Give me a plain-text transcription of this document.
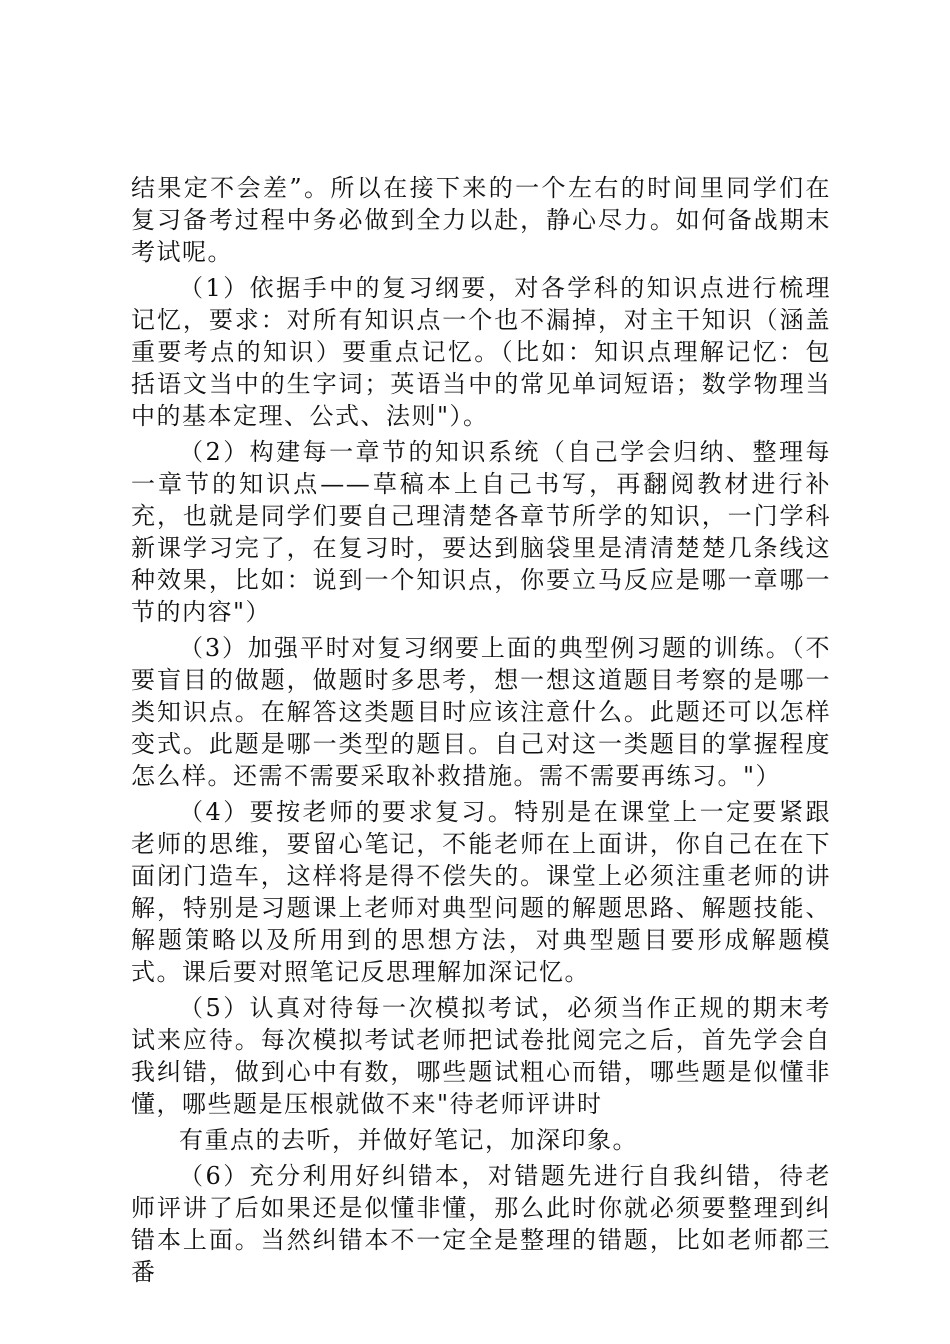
结果定不会差”。所以在接下来的一个左右的时间里同学们在复习备考过程中务必做到全力以赴，静心尽力。如何备战期末考试呢。

（1）依据手中的复习纲要，对各学科的知识点进行梳理记忆，要求：对所有知识点一个也不漏掉，对主干知识（涵盖重要考点的知识）要重点记忆。（比如：知识点理解记忆：包括语文当中的生字词；英语当中的常见单词短语；数学物理当中的基本定理、公式、法则"）。

（2）构建每一章节的知识系统（自己学会归纳、整理每一章节的知识点——草稿本上自己书写，再翻阅教材进行补充，也就是同学们要自己理清楚各章节所学的知识，一门学科新课学习完了，在复习时，要达到脑袋里是清清楚楚几条线这种效果，比如：说到一个知识点，你要立马反应是哪一章哪一节的内容"）

（3）加强平时对复习纲要上面的典型例习题的训练。（不要盲目的做题，做题时多思考，想一想这道题目考察的是哪一类知识点。在解答这类题目时应该注意什么。此题还可以怎样变式。此题是哪一类型的题目。自己对这一类题目的掌握程度怎么样。还需不需要采取补救措施。需不需要再练习。"）

（4）要按老师的要求复习。特别是在课堂上一定要紧跟老师的思维，要留心笔记，不能老师在上面讲，你自己在在下面闭门造车，这样将是得不偿失的。课堂上必须注重老师的讲解，特别是习题课上老师对典型问题的解题思路、解题技能、解题策略以及所用到的思想方法，对典型题目要形成解题模式。课后要对照笔记反思理解加深记忆。

（5）认真对待每一次模拟考试，必须当作正规的期末考试来应待。每次模拟考试老师把试卷批阅完之后，首先学会自我纠错，做到心中有数，哪些题试粗心而错，哪些题是似懂非懂，哪些题是压根就做不来"待老师评讲时

有重点的去听，并做好笔记，加深印象。

（6）充分利用好纠错本，对错题先进行自我纠错，待老师评讲了后如果还是似懂非懂，那么此时你就必须要整理到纠错本上面。当然纠错本不一定全是整理的错题，比如老师都三番
